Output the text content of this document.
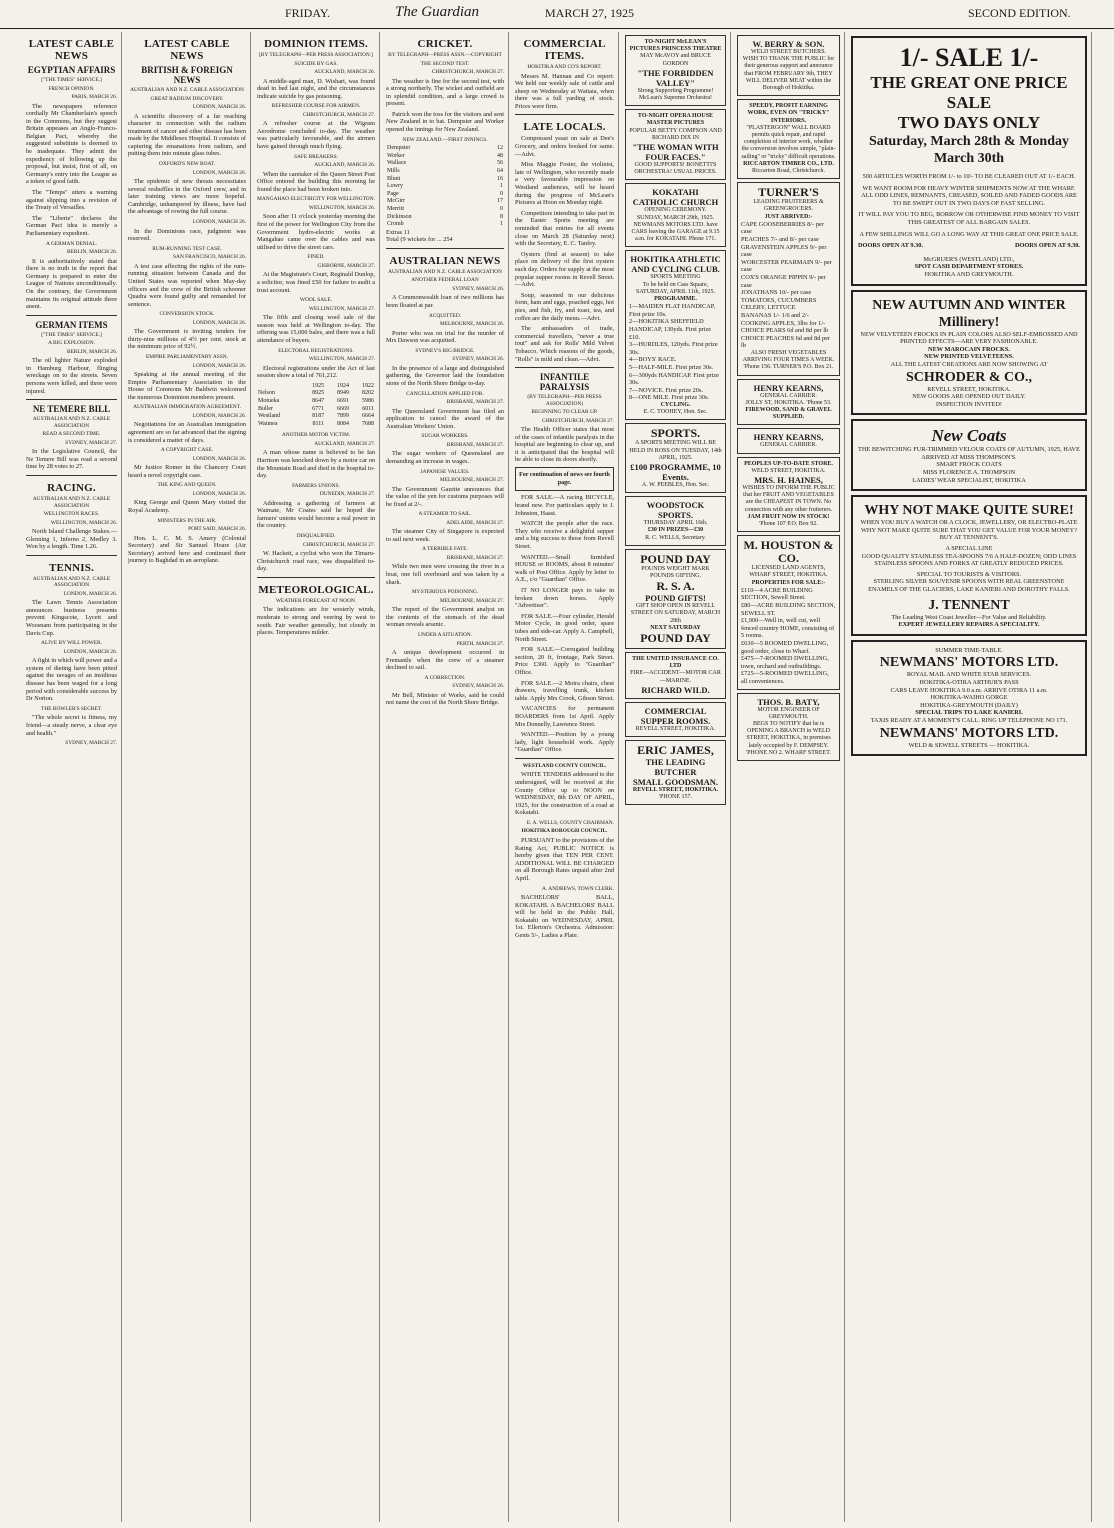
FRIDAY.	The Guardian	MARCH 27, 1925	SECOND EDITION.
LATEST CABLE NEWS
EGYPTIAN AFFAIRS
["THE TIMES" SERVICE.]
FRENCH OPINION.
PARIS, MARCH 26.

The newspapers reference cordially Mr Chamberlain's speech in the Commons, but they suggest Britain appeases an Anglo-Franco-Belgian Pact, whereby the suggested substitute is deemed to be inadequate. They admit the expediency of following up the proposal, but insist, first of all, on Germany's entry into the League as a token of good faith.

The "Temps" utters a warning against slipping into a revision of the Treaty of Versailles.

The "Liberte" declares the German Pact idea is merely a Parliamentary expedient.

A GERMAN DENIAL.
BERLIN, MARCH 26.

It is authoritatively stated that there is no truth in the report that Germany is prepared to enter the League of Nations unconditionally. On the contrary, the Government maintains its original attitude there anent.

GERMAN ITEMS
["THE TIMES" SERVICE.]
A BIG EXPLOSION.
BERLIN, MARCH 26.

The oil lighter Nature exploded in Hamburg Harbour, flinging wreckage on to the streets. Seven persons were killed, and three were injured.

NE TEMERE BILL
AUSTRALIAN AND N.Z. CABLE ASSOCIATION
READ A SECOND TIME.
SYDNEY, MARCH 27.

In the Legislative Council, the Ne Temere Bill was read a second time by 28 votes to 27.

RACING.
AUSTRALIAN AND N.Z. CABLE ASSOCIATION
WELLINGTON RACES.
WELLINGTON, MARCH 26.

North Island Challenge Stakes.—Glenning 1, Inferno 2, Medley 3. Won by a length. Time 1.26.

TENNIS.
AUSTRALIAN AND N.Z. CABLE ASSOCIATION
LONDON, MARCH 26.

The Lawn Tennis Association announces business presents prevent Kingscote, Lycett and Woosnam from participating in the Davis Cup.

ALIVE BY WILL POWER.
LONDON, MARCH 26.

A fight in which will power and a system of dieting have been pitted against the ravages of an insidious disease has been waged for a long period with considerable success by Dr Norton.

THE BOWLER'S SECRET.

"The whole secret is fitness, my friend—a steady nerve, a clear eye and health."

SYDNEY, MARCH 27.
LATEST CABLE NEWS
BRITISH & FOREIGN NEWS
AUSTRALIAN AND N.Z. CABLE ASSOCIATION
GREAT RADIUM DISCOVERY.
LONDON, MARCH 26.

A scientific discovery of a far reaching character in connection with the radium treatment of cancer and other disease has been made by the Middlesex Hospital. It consists of capturing the emanations from radium, and putting them into minute glass tubes.

OXFORD'S NEW BOAT.
LONDON, MARCH 26.

The epidemic of new threats necessitates several reshuffles in the Oxford crew, and in later training views are more hopeful. Cambridge, unhampered by illness, have had the advantage of rowing the full course.

LONDON, MARCH 26.

In the Dominions race, judgment was reserved.

RUM-RUNNING TEST CASE.
SAN FRANCISCO, MARCH 26.

A test case affecting the rights of the rum-running situation between Canada and the United States was reported when May-day officers and the crew of the British schooner Quadra were found guilty and remanded for sentence.

CONVERSION STOCK.
LONDON, MARCH 26.

The Government is inviting tenders for thirty-nine millions of 4½ per cent. stock at the minimum price of 92½.

EMPIRE PARLIAMENTARY ASSN.
LONDON, MARCH 26.

Speaking at the annual meeting of the Empire Parliamentary Association in the House of Commons Mr Baldwin welcomed the numerous Dominion members present.

AUSTRALIAN IMMIGRATION AGREEMENT.
LONDON, MARCH 26.

Negotiations for an Australian immigration agreement are so far advanced that the signing is considered a matter of days.

A COPYRIGHT CASE.
LONDON, MARCH 26.

Mr Justice Romer in the Chancery Court heard a novel copyright case.

THE KING AND QUEEN.
LONDON, MARCH 26.

King George and Queen Mary visited the Royal Academy.

MINISTERS IN THE AIR.
PORT SAID, MARCH 26.

Hon. L. C. M. S. Amery (Colonial Secretary) and Sir Samuel Hoare (Air Secretary) arrived here and continued their journey to Baghdad in an aeroplane.

DOMINION ITEMS.
[BY TELEGRAPH—PER PRESS ASSOCIATION.]
SUICIDE BY GAS.
AUCKLAND, MARCH 26.

A middle-aged man, D. Wishart, was found dead in bed last night, and the circumstances indicate suicide by gas poisoning.

REFRESHER COURSE FOR AIRMEN.
CHRISTCHURCH, MARCH 27.

A refresher course at the Wigram Aerodrome concluded to-day. The weather was particularly favourable, and the airmen have gained through much flying.

SAFE BREAKERS.
AUCKLAND, MARCH 26.

When the caretaker of the Queen Street Post Office entered the building this morning he found the place had been broken into.

MANGAHAO ELECTRICITY FOR WELLINGTON.
WELLINGTON, MARCH 26.

Soon after 11 o'clock yesterday morning the first of the power for Wellington City from the Government hydro-electric works at Mangahao came over the cables and was utilised to drive the street cars.

FINED.
GISBORNE, MARCH 27.

At the Magistrate's Court, Reginald Dunlop, a solicitor, was fined £50 for failure to audit a trust account.

WOOL SALE.
WELLINGTON, MARCH 27.

The fifth and closing wool sale of the season was held at Wellington to-day. The offering was 15,000 bales, and there was a full attendance of buyers.

ELECTORAL REGISTRATIONS.
WELLINGTON, MARCH 27.

Electoral registrations under the Act of last session show a total of 761,212.

	1925	1924	1922
Nelson	8925	8949	8202
Motueka	8647	6691	5986
Buller	6771	6669	6011
Westland	8187	7899	6664
Waimea	8111	8084	7688
ANOTHER MOTOR VICTIM.
AUCKLAND, MARCH 27.

A man whose name is believed to be Ian Harrison was knocked down by a motor car on the Mountain Road and died in the hospital to-day.

FARMERS UNIONS.
DUNEDIN, MARCH 27.

Addressing a gathering of farmers at Waimate, Mr Coates said he hoped the farmers' unions would become a real power in the country.

DISQUALIFIED.
CHRISTCHURCH, MARCH 27.

W. Hackett, a cyclist who won the Timaru-Christchurch road race, was disqualified to-day.

METEOROLOGICAL.
WEATHER FORECAST AT NOON.

The indications are for westerly winds, moderate to strong and veering by west to south. Fair weather generally, but cloudy in places. Temperatures milder.

CRICKET.
BY TELEGRAPH—PRESS ASSN.—COPYRIGHT
THE SECOND TEST.
CHRISTCHURCH, MARCH 27.

The weather is fine for the second test, with a strong northerly. The wicket and outfield are in splendid condition, and a large crowd is present.

Patrick won the toss for the visitors and sent New Zealand in to bat. Dempster and Worker opened the innings for New Zealand.

NEW ZEALAND.—FIRST INNINGS.
Dempster	12
Worker	48
Wallace	56
Mills	64
Blunt	16
Lowry	1
Page	0
McGirr	17
Merritt	0
Dickinson	8
Cromb	1
Extras 11
Total (9 wickets for ... 254
AUSTRALIAN NEWS
AUSTRALIAN AND N.Z. CABLE ASSOCIATION
ANOTHER FEDERAL LOAN
SYDNEY, MARCH 26.

A Commonwealth loan of two millions has been floated at par.

ACQUITTED.
MELBOURNE, MARCH 26.

Porter who was on trial for the murder of Mrs Dawson was acquitted.

SYDNEY'S BIG BRIDGE.
SYDNEY, MARCH 26.

In the presence of a large and distinguished gathering, the Governor laid the foundation stone of the North Shore Bridge to-day.

CANCELLATION APPLIED FOR.
BRISBANE, MARCH 27.

The Queensland Government has filed an application to cancel the award of the Australian Workers' Union.

SUGAR WORKERS.
BRISBANE, MARCH 27.

The sugar workers of Queensland are demanding an increase in wages.

JAPANESE VALUES.
MELBOURNE, MARCH 27.

The Government Gazette announces that the value of the yen for customs purposes will be fixed at 2/-.

A STEAMER TO SAIL.
ADELAIDE, MARCH 27.

The steamer City of Singapore is expected to sail next week.

A TERRIBLE FATE.
BRISBANE, MARCH 27.

While two men were crossing the river in a boat, one fell overboard and was taken by a shark.

MYSTERIOUS POISONING.
MELBOURNE, MARCH 27.

The report of the Government analyst on the contents of the stomach of the dead woman reveals arsenic.

UNDER A SITUATION.
PERTH, MARCH 27.

A unique development occurred in Fremantle when the crew of a steamer declined to sail.

A CORRECTION.
SYDNEY, MARCH 26.

Mr Bell, Minister of Works, said he could not name the cost of the North Shore Bridge.

COMMERCIAL ITEMS.
HOKITIKA AND CO'S REPORT.

Messrs M. Hannan and Co report: We held our weekly sale of cattle and sheep on Wednesday at Waitaia, when there was a full yarding of stock. Prices were firm.

LATE LOCALS.

Compressed yeast on sale at Dee's Grocery, and orders booked for same.—Advt.

Miss Maggie Foster, the violinist, late of Wellington, who recently made a very favourable impression on Westland audiences, will be heard during the progress of McLean's Pictures at Hoon on Monday night.

Competitors intending to take part in the Easter Sports meeting are reminded that entries for all events close on March 28 (Saturday next) with the Secretary, E. C. Tanfey.

Oysters (find at season) to take place on delivery of the first oysters each day. Orders for supply at the most popular supper rooms in Revell Street.—Advt.

Soup, seasoned in our delicious form, ham and eggs, poached eggs, hot pies, and fish, fry, and toast, tea, and coffee are the daily menu.—Advt.

The ambassadors of trade, commercial travellers, "never a true tout" and ask for Rolls' Mild Velvet Tobacco. Which reasons of the goods, "Rolls" is mild and clean.—Advt.

INFANTILE PARALYSIS
(BY TELEGRAPH—PER PRESS ASSOCIATION)
BEGINNING TO CLEAR UP.
CHRISTCHURCH, MARCH 27.

The Health Officer states that most of the cases of infantile paralysis in the hospital are beginning to clear up, and it is anticipated that the hospital will be able to close its doors shortly.

For continuation of news see fourth page.

FOR SALE.—A racing BICYCLE, brand new. For particulars apply to J. Johnston, Haast.

WATCH the people after the race. They who receive a delightful supper and a big success to those from Revell Street.

WANTED.—Small furnished HOUSE or ROOMS, about 8 minutes' walk of Post Office. Apply by letter to A.E., c/o "Guardian" Office.

IT NO LONGER pays to take in broken down horses. Apply "Advertiser".

FOR SALE.—Four cylinder, Herald Motor Cycle, in good order, spare tubes and side-car. Apply A. Campbell, North Street.

FOR SALE.—Corrugated building section, 20 ft, frontage, Park Street. Price £360. Apply to "Guardian" Office.

FOR SALE.—2 Moira chairs, chest drawers, travelling trunk, kitchen table. Apply Mrs Crook, Gibson Street.

VACANCIES for permanent BOARDERS from 1st April. Apply Mrs Donnelly, Lawrence Street.

WANTED.—Position by a young lady, light household work. Apply "Guardian" Office.

WESTLAND COUNTY COUNCIL.

WHITE TENDERS addressed to the undersigned, will be received at the County Office up to NOON on WEDNESDAY, 8th DAY OF APRIL, 1925, for the construction of a road at Kokatahi.

E. A. WELLS, COUNTY CHAIRMAN.
HOKITIKA BOROUGH COUNCIL.

PURSUANT to the provisions of the Rating Act, PUBLIC NOTICE is hereby given that TEN PER CENT. ADDITIONAL WILL BE CHARGED on all Borough Rates unpaid after 2nd April.

A. ANDREWS, TOWN CLERK.

BACHELORS' BALL, KOKATAHI. A BACHELORS' BALL will be held in the Public Hall, Kokatahi on WEDNESDAY, APRIL 1st. Ellerton's Orchestra. Admission: Gents 5/-, Ladies a Plate.

TO-NIGHT McLEAN'S PICTURES PRINCESS THEATRE
MAY McAVOY and BRUCE GORDON
"THE FORBIDDEN VALLEY"
Strong Supporting Programme! McLean's Supreme Orchestra!
TO-NIGHT OPERA HOUSE MASTER PICTURES
POPULAR BETTY COMPSON AND RICHARD DIX IN
"THE WOMAN WITH FOUR FACES."
GOOD SUPPORTS! BONETTI'S ORCHESTRA! USUAL PRICES.
KOKATAHI CATHOLIC CHURCH
OPENING CEREMONY.
SUNDAY, MARCH 29th, 1925.
NEWMANS MOTORS LTD. have CARS leaving the GARAGE at 9.15 a.m. for KOKATAHI. Phone 171.
HOKITIKA ATHLETIC AND CYCLING CLUB.
SPORTS MEETING
To be held on Cass Square, SATURDAY, APRIL 11th, 1925.
PROGRAMME.
1—MAIDEN FLAT HANDICAP, First prize 10s.
2—HOKITIKA SHEFFIELD HANDICAP, 130yds. First prize £10.
3—HURDLES, 120yds. First prize 30s.
4—BOYS' RACE.
5—HALF-MILE. First prize 30s.
6—300yds HANDICAP. First prize 30s.
7—NOVICE. First prize 20s.
8—ONE MILE. First prize 30s.
CYCLING.
E. C. TOOHEY, Hon. Sec.
SPORTS.
A SPORTS MEETING WILL BE HELD IN ROSS ON TUESDAY, 14th APRIL, 1925.
£100 PROGRAMME, 10 Events.
A. W. PEEBLES, Hon. Sec.
WOODSTOCK SPORTS.
THURSDAY APRIL 16th.
£30 IN PRIZES—£30
R. C. WELLS, Secretary.
POUND DAY
POUNDS WEIGHT MARK POUNDS GIFTING.
R. S. A.
POUND GIFTS!
GIFT SHOP OPEN IN REVELL STREET ON SATURDAY, MARCH 28th
NEXT SATURDAY
POUND DAY
THE UNITED INSURANCE CO. LTD
FIRE—ACCIDENT—MOTOR CAR—MARINE.
RICHARD WILD.
COMMERCIAL SUPPER ROOMS.
REVELL STREET, HOKITIKA.
ERIC JAMES,
THE LEADING BUTCHER
SMALL GOODSMAN.
REVELL STREET, HOKITIKA.
'PHONE 157.
W. BERRY & SON.
WELD STREET BUTCHERS.
WISH TO THANK THE PUBLIC for their generous support and announce that FROM FEBRUARY 9th, THEY WILL DELIVER MEAT within the Borough of Hokitika.
SPEEDY, PROFIT EARNING WORK, EVEN ON "TRICKY" INTERIORS.
"PLASTERGON" WALL BOARD permits quick repair, and rapid completion of interior work, whether the conversion involves simple, "plain-sailing" or "tricky" difficult operations.
RICCARTON TIMBER CO., LTD.
Riccarton Road, Christchurch.
TURNER'S
LEADING FRUITERERS & GREENGROCERS.
JUST ARRIVED:-
CAPE GOOSEBERRIES 8/- per case
PEACHES 7/- and 8/- per case
GRAVENSTEIN APPLES 9/- per case
WORCESTER PEARMAIN 9/- per case
COX'S ORANGE PIPPIN 9/- per case
JONATHANS 10/- per case
TOMATOES, CUCUMBERS
CELERY, LETTUCE
BANANAS 1/- 1/6 and 2/-
COOKING APPLES, 3lbs for 1/-
CHOICE PEARS 6d and 8d per lb
CHOICE PEACHES 6d and 8d per lb
ALSO FRESH VEGETABLES ARRIVING FOUR TIMES A WEEK.
'Phone 156. TURNER'S P.O. Box 21.
HENRY KEARNS,
GENERAL CARRIER.
JOLLY ST, HOKITIKA. 'Phone 53.
FIREWOOD, SAND & GRAVEL SUPPLIED.
HENRY KEARNS,
GENERAL CARRIER.
PEOPLES UP-TO-DATE STORE.
WELD STREET, HOKITIKA.
MRS. H. HAINES,
WISHES TO INFORM THE PUBLIC that her FRUIT AND VEGETABLES are the CHEAPEST IN TOWN. No connection with any other fruiterers.
JAM FRUIT NOW IN STOCK!
'Phone 107 P.O. Box 92.
M. HOUSTON & CO.
LICENSED LAND AGENTS,
WHARF STREET, HOKITIKA.
PROPERTIES FOR SALE:-
£110—4 ACRE BUILDING SECTION, Sewell Street.
£80—ACRE BUILDING SECTION, SEWELL ST.
£1,900—Well in, well cut, well fenced country HOME, consisting of 5 rooms.
£630—5 ROOMED DWELLING, good order, close to Wharf.
£475—7-ROOMED DWELLING, town, orchard and outbuildings.
£725—5-ROOMED DWELLING, all conveniences.
THOS. B. BATY,
MOTOR ENGINEER OF GREYMOUTH.
BEGS TO NOTIFY that he is OPENING A BRANCH in WELD STREET, HOKITIKA, in premises lately occupied by F. DEMPSEY.
'PHONE NO 2. WHARF STREET.
1/- SALE 1/-
THE GREAT ONE PRICE SALE
TWO DAYS ONLY
Saturday, March 28th & Monday March 30th
500 ARTICLES WORTH FROM 1/- to 10/- TO BE CLEARED OUT AT 1/- EACH.
WE WANT ROOM FOR HEAVY WINTER SHIPMENTS NOW AT THE WHARF. ALL ODD LINES, REMNANTS, CREASED, SOILED AND FADED GOODS ARE TO BE SWEPT OUT IN TWO DAYS OF FAST SELLING.
IT WILL PAY YOU TO BEG, BORROW OR OTHERWISE FIND MONEY TO VISIT THIS GREATEST OF ALL BARGAIN SALES.
A FEW SHILLINGS WILL GO A LONG WAY AT THIS GREAT ONE PRICE SALE.
DOORS OPEN AT 9.30.	DOORS OPEN AT 9.30.
McGRUER'S (WESTLAND) LTD.,
SPOT CASH DEPARTMENT STORES.
HOKITIKA AND GREYMOUTH.
NEW AUTUMN AND WINTER Millinery!
NEW VELVETEEN FROCKS IN PLAIN COLORS ALSO SELF-EMBOSSED AND PRINTED EFFECTS—ARE VERY FASHIONABLE.
NEW MAROCAIN FROCKS.
NEW PRINTED VELVETEENS.
ALL THE LATEST CREATIONS ARE NOW SHOWING AT
SCHRODER & CO.,
REVELL STREET, HOKITIKA.
NEW GOODS ARE OPENED OUT DAILY.
INSPECTION INVITED!
New Coats
THE BEWITCHING FUR-TRIMMED VELOUR COATS OF AUTUMN, 1925, HAVE ARRIVED AT MISS THOMPSON'S.
SMART FROCK COATS
MISS FLORENCE A. THOMPSON
LADIES' WEAR SPECIALIST, HOKITIKA
WHY NOT MAKE QUITE SURE!
WHEN YOU BUY A WATCH OR A CLOCK, JEWELLERY, OR ELECTRO-PLATE WHY NOT MAKE QUITE SURE THAT YOU GET VALUE FOR YOUR MONEY? BUY AT TENNENT'S.
A SPECIAL LINE
GOOD QUALITY STAINLESS TEA-SPOONS 7/6 A HALF-DOZEN; ODD LINES STAINLESS SPOONS AND FORKS AT GREATLY REDUCED PRICES.
SPECIAL TO TOURISTS & VISITORS.
STERLING SILVER SOUVENIR SPOONS WITH REAL GREENSTONE ENAMELS OF THE GLACIERS, LAKE KANIERI AND DOROTHY FALLS.
J. TENNENT
The Leading West Coast Jeweller—For Value and Reliability.
EXPERT JEWELLERY REPAIRS A SPECIALITY.
SUMMER TIME-TABLE.
NEWMANS' MOTORS LTD.
ROYAL MAIL AND WHITE STAR SERVICES.
HOKITIKA-OTIRA ARTHUR'S PASS
CARS LEAVE HOKITIKA 9.0 a.m. ARRIVE OTIRA 11 a.m.
HOKITIKA-WAIHO GORGE
HOKITIKA-GREYMOUTH (DAILY)
SPECIAL TRIPS TO LAKE KANIERI.
TAXIS READY AT A MOMENT'S CALL. RING UP TELEPHONE NO 171.
NEWMANS' MOTORS LTD.
WELD & SEWELL STREETS — HOKITIKA.
